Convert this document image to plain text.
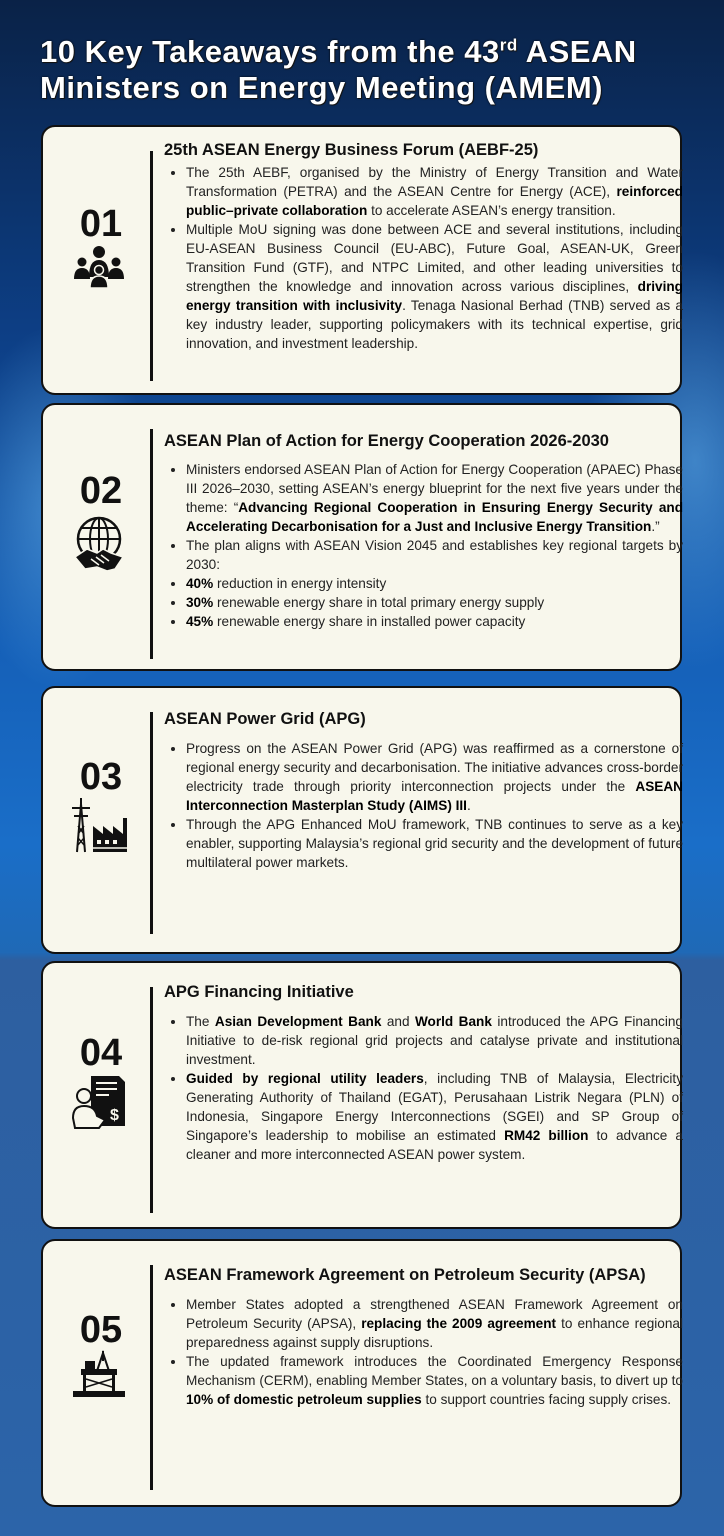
10 Key Takeaways from the 43rd ASEAN
Ministers on Energy Meeting (AMEM)
01
25th ASEAN Energy Business Forum (AEBF-25)
• The 25th AEBF, organised by the Ministry of Energy Transition and Water Transformation (PETRA) and the ASEAN Centre for Energy (ACE), reinforced public–private collaboration to accelerate ASEAN’s energy transition.
• Multiple MoU signing was done between ACE and several institutions, including EU-ASEAN Business Council (EU-ABC), Future Goal, ASEAN-UK, Green Transition Fund (GTF), and NTPC Limited, and other leading universities to strengthen the knowledge and innovation across various disciplines, driving energy transition with inclusivity. Tenaga Nasional Berhad (TNB) served as a key industry leader, supporting policymakers with its technical expertise, grid innovation, and investment leadership.
02
ASEAN Plan of Action for Energy Cooperation 2026-2030
• Ministers endorsed ASEAN Plan of Action for Energy Cooperation (APAEC) Phase III 2026–2030, setting ASEAN’s energy blueprint for the next five years under the theme: “Advancing Regional Cooperation in Ensuring Energy Security and Accelerating Decarbonisation for a Just and Inclusive Energy Transition.”
• The plan aligns with ASEAN Vision 2045 and establishes key regional targets by 2030:
• 40% reduction in energy intensity
• 30% renewable energy share in total primary energy supply
• 45% renewable energy share in installed power capacity
03
ASEAN Power Grid (APG)
• Progress on the ASEAN Power Grid (APG) was reaffirmed as a cornerstone of regional energy security and decarbonisation. The initiative advances cross-border electricity trade through priority interconnection projects under the ASEAN Interconnection Masterplan Study (AIMS) III.
• Through the APG Enhanced MoU framework, TNB continues to serve as a key enabler, supporting Malaysia’s regional grid security and the development of future multilateral power markets.
04
$
APG Financing Initiative
• The Asian Development Bank and World Bank introduced the APG Financing Initiative to de-risk regional grid projects and catalyse private and institutional investment.
• Guided by regional utility leaders, including TNB of Malaysia, Electricity Generating Authority of Thailand (EGAT), Perusahaan Listrik Negara (PLN) of Indonesia, Singapore Energy Interconnections (SGEI) and SP Group of Singapore’s leadership to mobilise an estimated RM42 billion to advance a cleaner and more interconnected ASEAN power system.
05
ASEAN Framework Agreement on Petroleum Security (APSA)
• Member States adopted a strengthened ASEAN Framework Agreement on Petroleum Security (APSA), replacing the 2009 agreement to enhance regional preparedness against supply disruptions.
• The updated framework introduces the Coordinated Emergency Response Mechanism (CERM), enabling Member States, on a voluntary basis, to divert up to 10% of domestic petroleum supplies to support countries facing supply crises.
